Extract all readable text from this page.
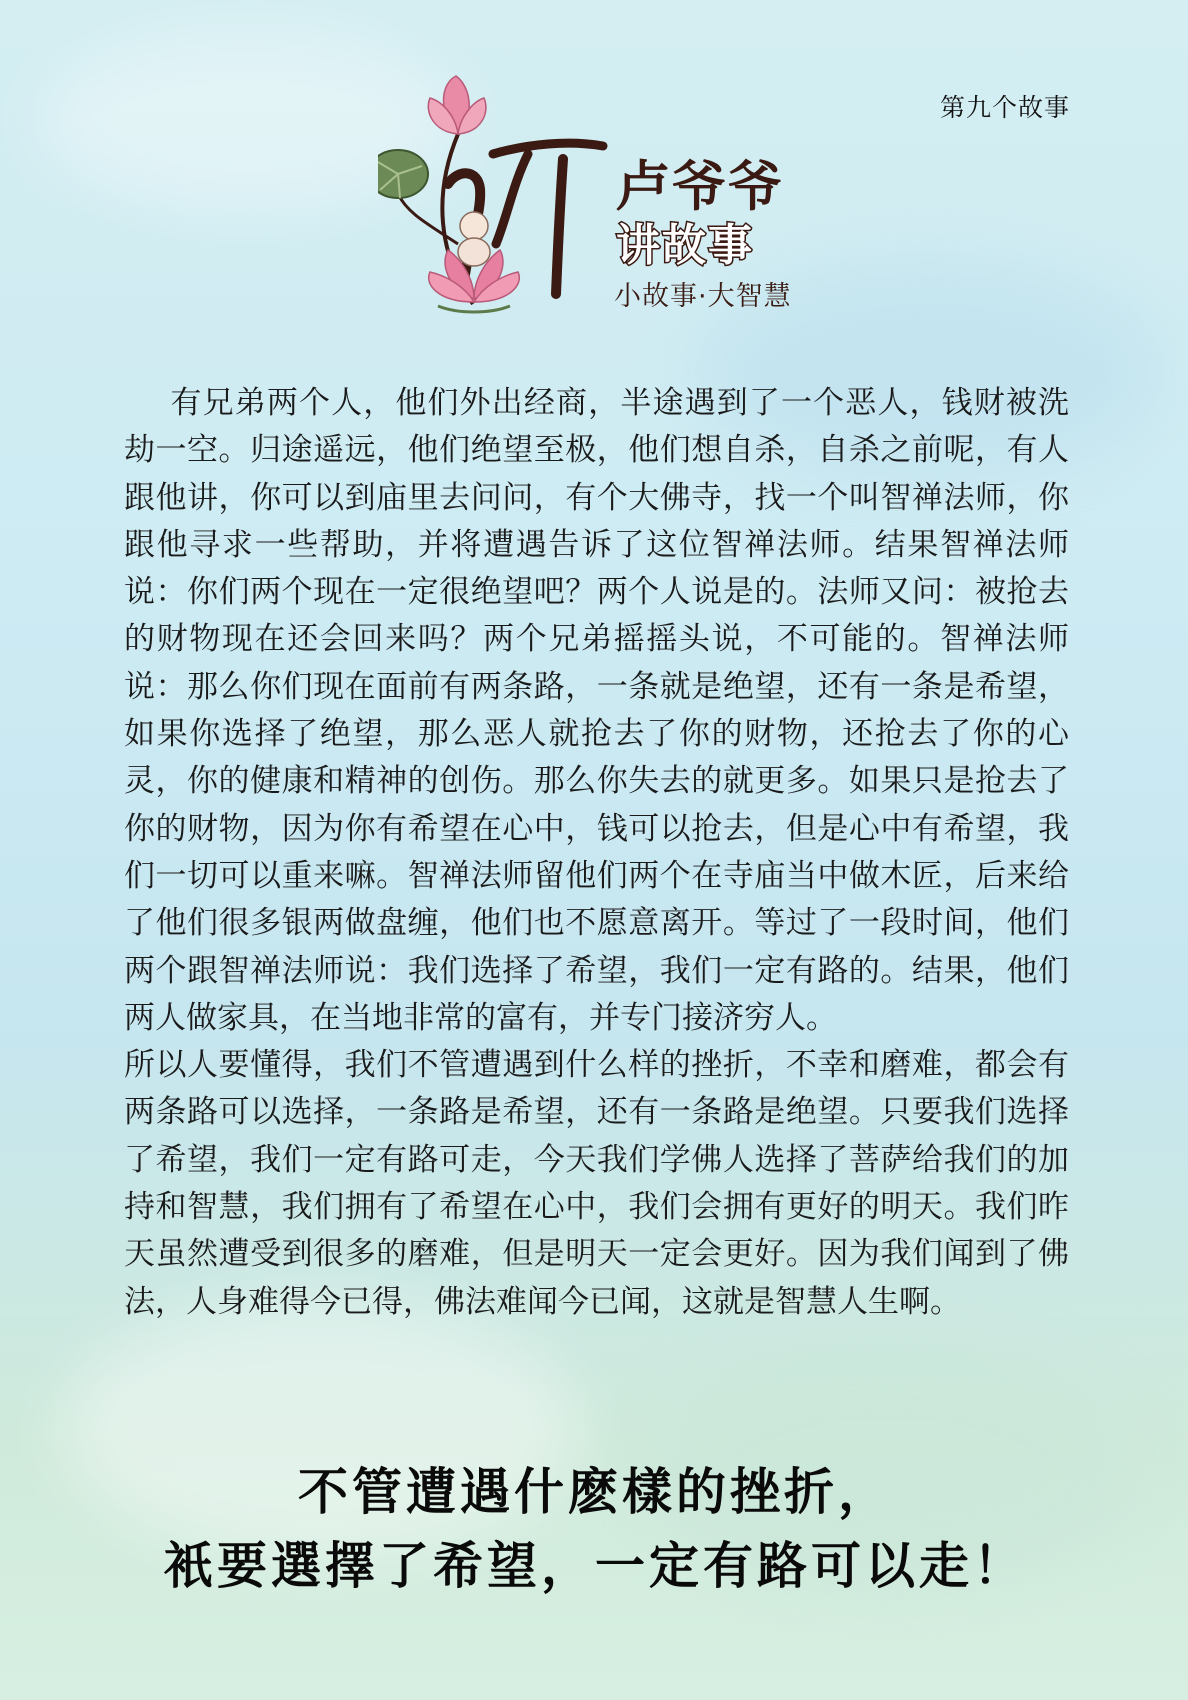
第九个故事
卢爷爷
讲故事
小故事·大智慧

有兄弟两个人，他们外出经商，半途遇到了一个恶人，钱财被洗劫一空。归途遥远，他们绝望至极，他们想自杀，自杀之前呢，有人跟他讲，你可以到庙里去问问，有个大佛寺，找一个叫智禅法师，你跟他寻求一些帮助，并将遭遇告诉了这位智禅法师。结果智禅法师说：你们两个现在一定很绝望吧？两个人说是的。法师又问：被抢去的财物现在还会回来吗？两个兄弟摇摇头说，不可能的。智禅法师说：那么你们现在面前有两条路，一条就是绝望，还有一条是希望，如果你选择了绝望，那么恶人就抢去了你的财物，还抢去了你的心灵，你的健康和精神的创伤。那么你失去的就更多。如果只是抢去了你的财物，因为你有希望在心中，钱可以抢去，但是心中有希望，我们一切可以重来嘛。智禅法师留他们两个在寺庙当中做木匠，后来给了他们很多银两做盘缠，他们也不愿意离开。等过了一段时间，他们两个跟智禅法师说：我们选择了希望，我们一定有路的。结果，他们两人做家具，在当地非常的富有，并专门接济穷人。

所以人要懂得，我们不管遭遇到什么样的挫折，不幸和磨难，都会有两条路可以选择，一条路是希望，还有一条路是绝望。只要我们选择了希望，我们一定有路可走，今天我们学佛人选择了菩萨给我们的加持和智慧，我们拥有了希望在心中，我们会拥有更好的明天。我们昨天虽然遭受到很多的磨难，但是明天一定会更好。因为我们闻到了佛法，人身难得今已得，佛法难闻今已闻，这就是智慧人生啊。

不管遭遇什麽樣的挫折，
衹要選擇了希望，一定有路可以走！
